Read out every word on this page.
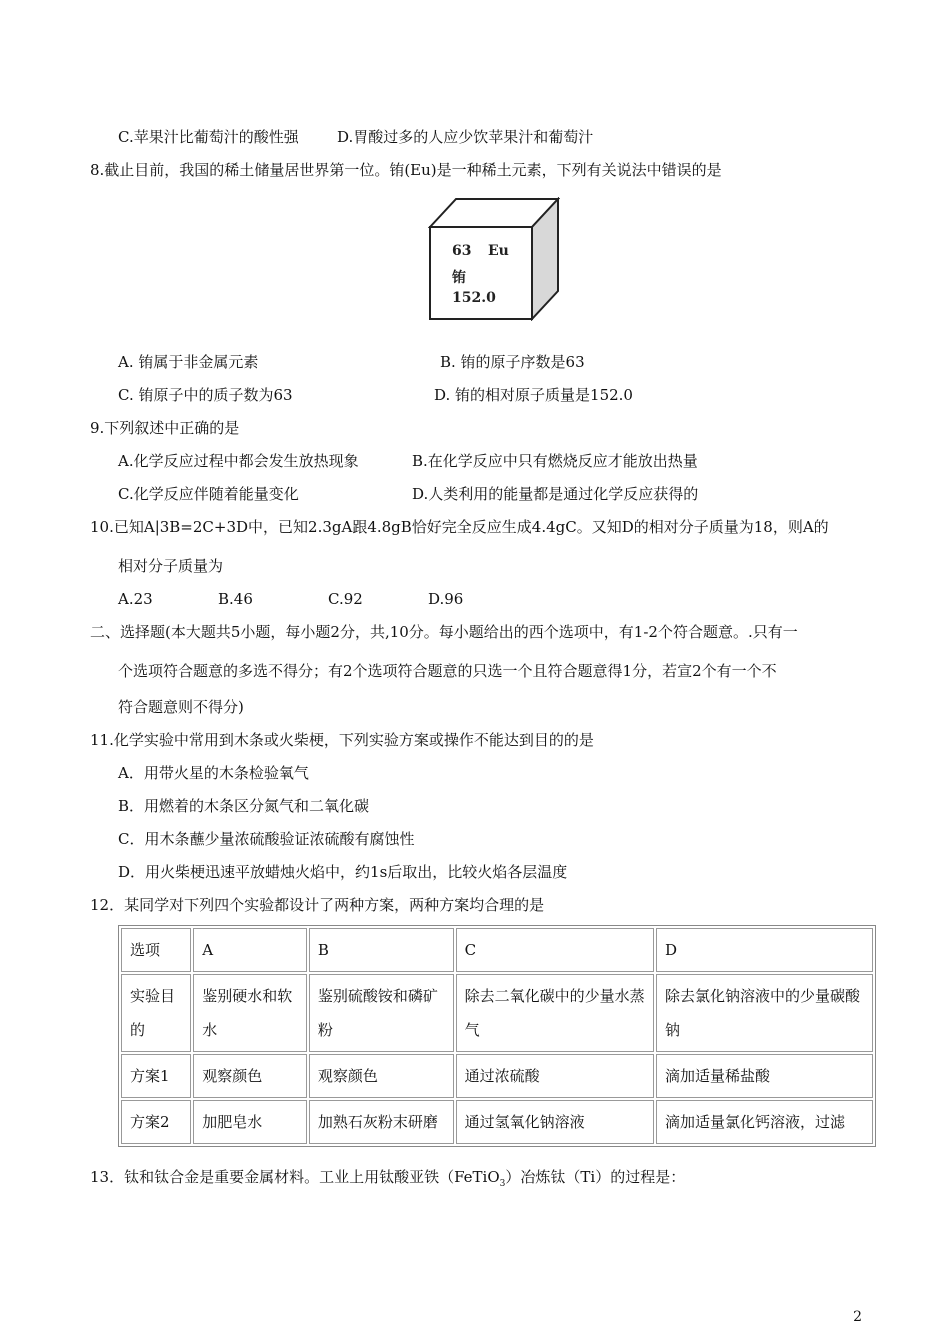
C.苹果汁比葡萄汁的酸性强	D.胃酸过多的人应少饮苹果汁和葡萄汁
8.截止目前，我国的稀土储量居世界第一位。铕(Eu)是一种稀土元素，下列有关说法中错误的是
63 Eu
铕
152.0
A. 铕属于非金属元素	B. 铕的原子序数是63
C. 铕原子中的质子数为63	D. 铕的相对原子质量是152.0
9.下列叙述中正确的是
A.化学反应过程中都会发生放热现象	B.在化学反应中只有燃烧反应才能放出热量
C.化学反应伴随着能量变化	D.人类利用的能量都是通过化学反应获得的
10.已知A|3B=2C+3D中，已知2.3gA跟4.8gB恰好完全反应生成4.4gC。又知D的相对分子质量为18，则A的
相对分子质量为
A.23	B.46	C.92	D.96
二、选择题(本大题共5小题，每小题2分，共,10分。每小题给出的西个选项中，有1-2个符合题意。.只有一
个选项符合题意的多选不得分；有2个选项符合题意的只选一个且符合题意得1分，若宣2个有一个不
符合题意则不得分)
11.化学实验中常用到木条或火柴梗，下列实验方案或操作不能达到目的的是
A．用带火星的木条检验氧气
B．用燃着的木条区分氮气和二氧化碳
C．用木条蘸少量浓硫酸验证浓硫酸有腐蚀性
D．用火柴梗迅速平放蜡烛火焰中，约1s后取出，比较火焰各层温度
12．某同学对下列四个实验都设计了两种方案，两种方案均合理的是
选项	A	B	C	D
实验目的	鉴别硬水和软水	鉴别硫酸铵和磷矿粉	除去二氧化碳中的少量水蒸气	除去氯化钠溶液中的少量碳酸钠
方案1	观察颜色	观察颜色	通过浓硫酸	滴加适量稀盐酸
方案2	加肥皂水	加熟石灰粉末研磨	通过氢氧化钠溶液	滴加适量氯化钙溶液，过滤
13．钛和钛合金是重要金属材料。工业上用钛酸亚铁（FeTiO$_3$）冶炼钛（Ti）的过程是：
2
